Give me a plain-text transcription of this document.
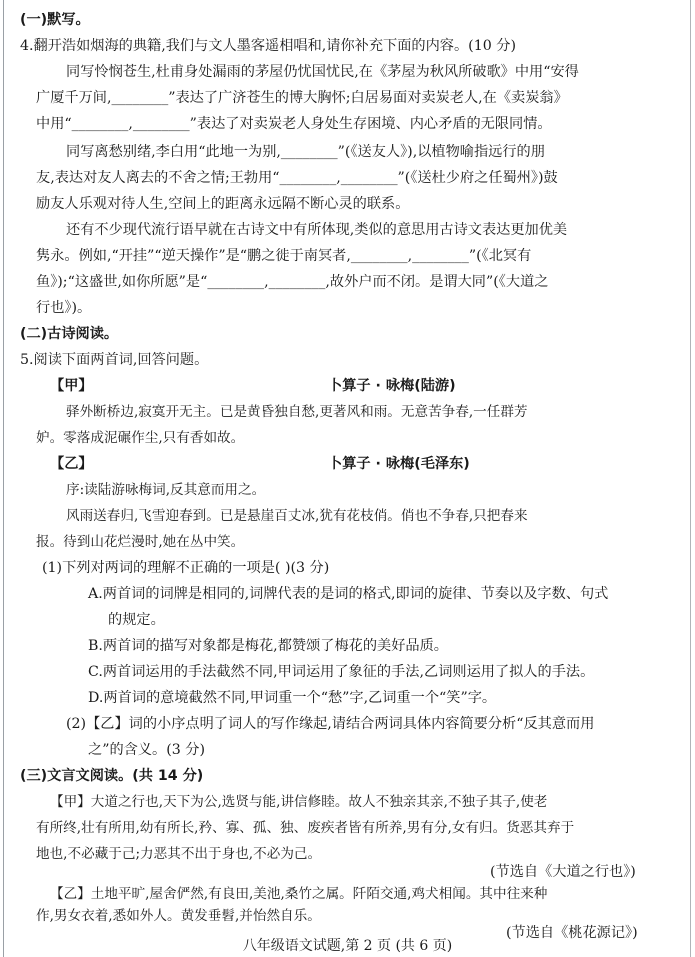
(一)默写。
4.翻开浩如烟海的典籍,我们与文人墨客遥相唱和,请你补充下面的内容。(10 分)
同写怜悯苍生,杜甫身处漏雨的茅屋仍忧国忧民,在《茅屋为秋风所破歌》中用“安得
广厦千万间,________”表达了广济苍生的博大胸怀;白居易面对卖炭老人,在《卖炭翁》
中用“________,________”表达了对卖炭老人身处生存困境、内心矛盾的无限同情。
同写离愁别绪,李白用“此地一为别,________”(《送友人》),以植物喻指远行的朋
友,表达对友人离去的不舍之情;王勃用“________,________”(《送杜少府之任蜀州》)鼓
励友人乐观对待人生,空间上的距离永远隔不断心灵的联系。
还有不少现代流行语早就在古诗文中有所体现,类似的意思用古诗文表达更加优美
隽永。例如,“开挂”“逆天操作”是“鹏之徙于南冥者,________,________”(《北冥有
鱼》);“这盛世,如你所愿”是“________,________,故外户而不闭。是谓大同”(《大道之
行也》)。
(二)古诗阅读。
5.阅读下面两首词,回答问题。
【甲】	卜算子 · 咏梅(陆游)
驿外断桥边,寂寞开无主。已是黄昏独自愁,更著风和雨。无意苦争春,一任群芳
妒。零落成泥碾作尘,只有香如故。
【乙】	卜算子 · 咏梅(毛泽东)
序:读陆游咏梅词,反其意而用之。
风雨送春归,飞雪迎春到。已是悬崖百丈冰,犹有花枝俏。俏也不争春,只把春来
报。待到山花烂漫时,她在丛中笑。
(1)下列对两词的理解不正确的一项是( )(3 分)
A.两首词的词牌是相同的,词牌代表的是词的格式,即词的旋律、节奏以及字数、句式
的规定。
B.两首词的描写对象都是梅花,都赞颂了梅花的美好品质。
C.两首词运用的手法截然不同,甲词运用了象征的手法,乙词则运用了拟人的手法。
D.两首词的意境截然不同,甲词重一个“愁”字,乙词重一个“笑”字。
(2)【乙】词的小序点明了词人的写作缘起,请结合两词具体内容简要分析“反其意而用
之”的含义。(3 分)
(三)文言文阅读。(共 14 分)
【甲】大道之行也,天下为公,选贤与能,讲信修睦。故人不独亲其亲,不独子其子,使老
有所终,壮有所用,幼有所长,矜、寡、孤、独、废疾者皆有所养,男有分,女有归。货恶其弃于
地也,不必藏于己;力恶其不出于身也,不必为己。
(节选自《大道之行也》)
【乙】土地平旷,屋舍俨然,有良田,美池,桑竹之属。阡陌交通,鸡犬相闻。其中往来种
作,男女衣着,悉如外人。黄发垂髫,并怡然自乐。
(节选自《桃花源记》)
八年级语文试题,第 2 页 (共 6 页)
